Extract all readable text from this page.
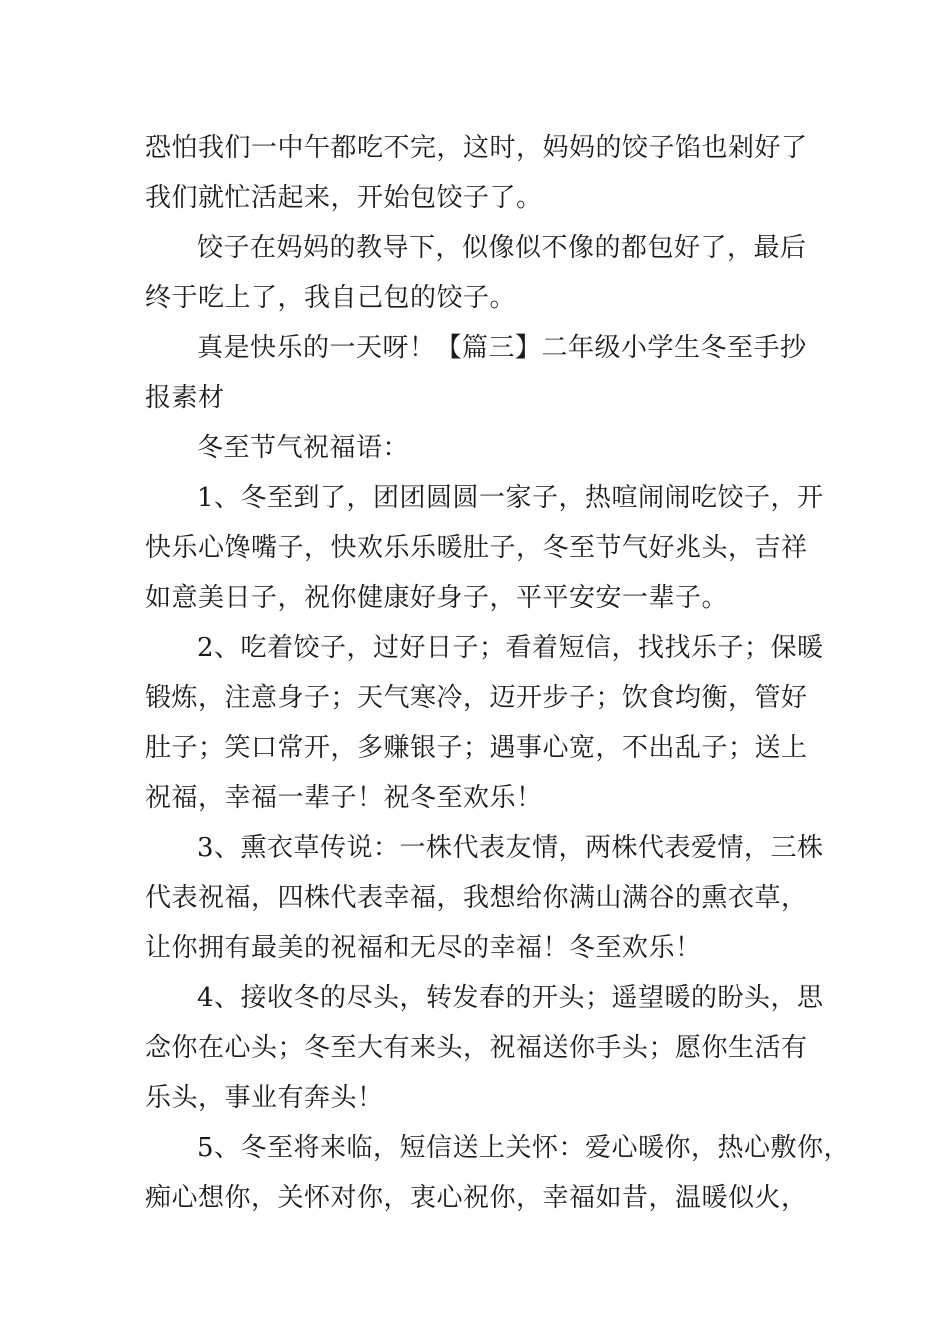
恐怕我们一中午都吃不完，这时，妈妈的饺子馅也剁好了
我们就忙活起来，开始包饺子了。
饺子在妈妈的教导下，似像似不像的都包好了，最后
终于吃上了，我自己包的饺子。
真是快乐的一天呀！【篇三】二年级小学生冬至手抄
报素材
冬至节气祝福语：
1、冬至到了，团团圆圆一家子，热喧闹闹吃饺子，开
快乐心馋嘴子，快欢乐乐暖肚子，冬至节气好兆头，吉祥
如意美日子，祝你健康好身子，平平安安一辈子。
2、吃着饺子，过好日子；看着短信，找找乐子；保暖
锻炼，注意身子；天气寒冷，迈开步子；饮食均衡，管好
肚子；笑口常开，多赚银子；遇事心宽，不出乱子；送上
祝福，幸福一辈子！祝冬至欢乐！
3、熏衣草传说：一株代表友情，两株代表爱情，三株
代表祝福，四株代表幸福，我想给你满山满谷的熏衣草，
让你拥有最美的祝福和无尽的幸福！冬至欢乐！
4、接收冬的尽头，转发春的开头；遥望暖的盼头，思
念你在心头；冬至大有来头，祝福送你手头；愿你生活有
乐头，事业有奔头！
5、冬至将来临，短信送上关怀：爱心暖你，热心敷你，
痴心想你，关怀对你，衷心祝你，幸福如昔，温暖似火，
